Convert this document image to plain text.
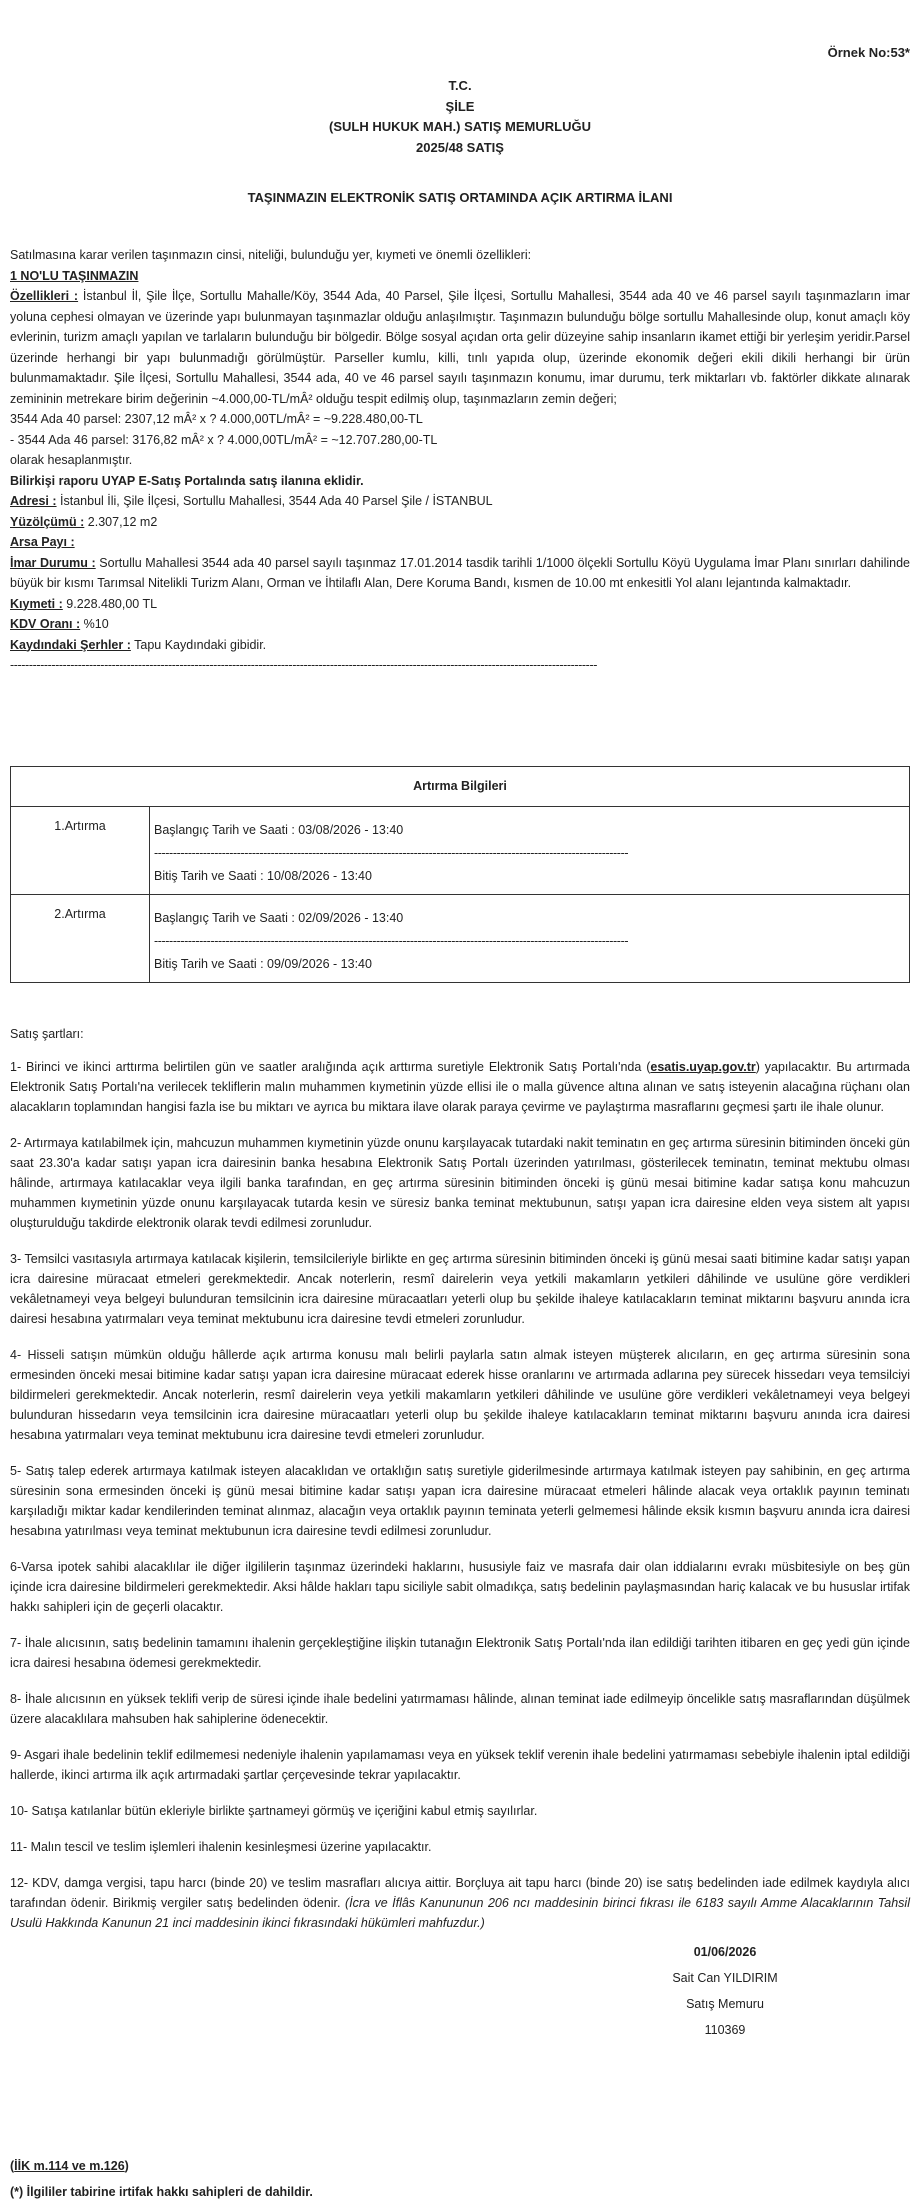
Örnek No:53*
T.C.
ŞİLE
(SULH HUKUK MAH.) SATIŞ MEMURLUĞU
2025/48 SATIŞ
TAŞINMAZIN ELEKTRONİK SATIŞ ORTAMINDA AÇIK ARTIRMA İLANI
Satılmasına karar verilen taşınmazın cinsi, niteliği, bulunduğu yer, kıymeti ve önemli özellikleri:
1 NO'LU TAŞINMAZIN
Özellikleri : İstanbul İl, Şile İlçe, Sortullu Mahalle/Köy, 3544 Ada, 40 Parsel, Şile İlçesi, Sortullu Mahallesi, 3544 ada 40 ve 46 parsel sayılı taşınmazların imar yoluna cephesi olmayan ve üzerinde yapı bulunmayan taşınmazlar olduğu anlaşılmıştır. Taşınmazın bulunduğu bölge sortullu Mahallesinde olup, konut amaçlı köy evlerinin, turizm amaçlı yapılan ve tarlaların bulunduğu bir bölgedir. Bölge sosyal açıdan orta gelir düzeyine sahip insanların ikamet ettiği bir yerleşim yeridir.Parsel üzerinde herhangi bir yapı bulunmadığı görülmüştür. Parseller kumlu, killi, tınlı yapıda olup, üzerinde ekonomik değeri ekili dikili herhangi bir ürün bulunmamaktadır. Şile İlçesi, Sortullu Mahallesi, 3544 ada, 40 ve 46 parsel sayılı taşınmazın konumu, imar durumu, terk miktarları vb. faktörler dikkate alınarak zemininin metrekare birim değerinin ~4.000,00-TL/mÂ² olduğu tespit edilmiş olup, taşınmazların zemin değeri;
3544 Ada 40 parsel: 2307,12 mÂ² x ? 4.000,00TL/mÂ² = ~9.228.480,00-TL
- 3544 Ada 46 parsel: 3176,82 mÂ² x ? 4.000,00TL/mÂ² = ~12.707.280,00-TL
olarak hesaplanmıştır.
Bilirkişi raporu UYAP E-Satış Portalında satış ilanına eklidir.
Adresi : İstanbul İli, Şile İlçesi, Sortullu Mahallesi, 3544 Ada 40 Parsel Şile / İSTANBUL
Yüzölçümü : 2.307,12 m2
Arsa Payı :
İmar Durumu : Sortullu Mahallesi 3544 ada 40 parsel sayılı taşınmaz 17.01.2014 tasdik tarihli 1/1000 ölçekli Sortullu Köyü Uygulama İmar Planı sınırları dahilinde büyük bir kısmı Tarımsal Nitelikli Turizm Alanı, Orman ve İhtilaflı Alan, Dere Koruma Bandı, kısmen de 10.00 mt enkesitli Yol alanı lejantında kalmaktadır.
Kıymeti : 9.228.480,00 TL
KDV Oranı : %10
Kaydındaki Şerhler : Tapu Kaydındaki gibidir.
------------------------------------------------------------------------------------------------------------------------------------------------------------
Artırma Bilgileri	
1.Artırma	Başlangıç Tarih ve Saati : 03/08/2026 - 13:40
------------------------------------------------------------------------------------------------------------------------------
Bitiş Tarih ve Saati : 10/08/2026 - 13:40

2.Artırma	Başlangıç Tarih ve Saati : 02/09/2026 - 13:40
------------------------------------------------------------------------------------------------------------------------------
Bitiş Tarih ve Saati : 09/09/2026 - 13:40
Satış şartları:

1- Birinci ve ikinci arttırma belirtilen gün ve saatler aralığında açık arttırma suretiyle Elektronik Satış Portalı'nda (esatis.uyap.gov.tr) yapılacaktır. Bu artırmada Elektronik Satış Portalı'na verilecek tekliflerin malın muhammen kıymetinin yüzde ellisi ile o malla güvence altına alınan ve satış isteyenin alacağına rüçhanı olan alacakların toplamından hangisi fazla ise bu miktarı ve ayrıca bu miktara ilave olarak paraya çevirme ve paylaştırma masraflarını geçmesi şartı ile ihale olunur.

2- Artırmaya katılabilmek için, mahcuzun muhammen kıymetinin yüzde onunu karşılayacak tutardaki nakit teminatın en geç artırma süresinin bitiminden önceki gün saat 23.30'a kadar satışı yapan icra dairesinin banka hesabına Elektronik Satış Portalı üzerinden yatırılması, gösterilecek teminatın, teminat mektubu olması hâlinde, artırmaya katılacaklar veya ilgili banka tarafından, en geç artırma süresinin bitiminden önceki iş günü mesai bitimine kadar satışa konu mahcuzun muhammen kıymetinin yüzde onunu karşılayacak tutarda kesin ve süresiz banka teminat mektubunun, satışı yapan icra dairesine elden veya sistem alt yapısı oluşturulduğu takdirde elektronik olarak tevdi edilmesi zorunludur.

3- Temsilci vasıtasıyla artırmaya katılacak kişilerin, temsilcileriyle birlikte en geç artırma süresinin bitiminden önceki iş günü mesai saati bitimine kadar satışı yapan icra dairesine müracaat etmeleri gerekmektedir. Ancak noterlerin, resmî dairelerin veya yetkili makamların yetkileri dâhilinde ve usulüne göre verdikleri vekâletnameyi veya belgeyi bulunduran temsilcinin icra dairesine müracaatları yeterli olup bu şekilde ihaleye katılacakların teminat miktarını başvuru anında icra dairesi hesabına yatırmaları veya teminat mektubunu icra dairesine tevdi etmeleri zorunludur.

4- Hisseli satışın mümkün olduğu hâllerde açık artırma konusu malı belirli paylarla satın almak isteyen müşterek alıcıların, en geç artırma süresinin sona ermesinden önceki mesai bitimine kadar satışı yapan icra dairesine müracaat ederek hisse oranlarını ve artırmada adlarına pey sürecek hissedarı veya temsilciyi bildirmeleri gerekmektedir. Ancak noterlerin, resmî dairelerin veya yetkili makamların yetkileri dâhilinde ve usulüne göre verdikleri vekâletnameyi veya belgeyi bulunduran hissedarın veya temsilcinin icra dairesine müracaatları yeterli olup bu şekilde ihaleye katılacakların teminat miktarını başvuru anında icra dairesi hesabına yatırmaları veya teminat mektubunu icra dairesine tevdi etmeleri zorunludur.

5- Satış talep ederek artırmaya katılmak isteyen alacaklıdan ve ortaklığın satış suretiyle giderilmesinde artırmaya katılmak isteyen pay sahibinin, en geç artırma süresinin sona ermesinden önceki iş günü mesai bitimine kadar satışı yapan icra dairesine müracaat etmeleri hâlinde alacak veya ortaklık payının teminatı karşıladığı miktar kadar kendilerinden teminat alınmaz, alacağın veya ortaklık payının teminata yeterli gelmemesi hâlinde eksik kısmın başvuru anında icra dairesi hesabına yatırılması veya teminat mektubunun icra dairesine tevdi edilmesi zorunludur.

6-Varsa ipotek sahibi alacaklılar ile diğer ilgililerin taşınmaz üzerindeki haklarını, hususiyle faiz ve masrafa dair olan iddialarını evrakı müsbitesiyle on beş gün içinde icra dairesine bildirmeleri gerekmektedir. Aksi hâlde hakları tapu siciliyle sabit olmadıkça, satış bedelinin paylaşmasından hariç kalacak ve bu hususlar irtifak hakkı sahipleri için de geçerli olacaktır.

7- İhale alıcısının, satış bedelinin tamamını ihalenin gerçekleştiğine ilişkin tutanağın Elektronik Satış Portalı'nda ilan edildiği tarihten itibaren en geç yedi gün içinde icra dairesi hesabına ödemesi gerekmektedir.

8- İhale alıcısının en yüksek teklifi verip de süresi içinde ihale bedelini yatırmaması hâlinde, alınan teminat iade edilmeyip öncelikle satış masraflarından düşülmek üzere alacaklılara mahsuben hak sahiplerine ödenecektir.

9- Asgari ihale bedelinin teklif edilmemesi nedeniyle ihalenin yapılamaması veya en yüksek teklif verenin ihale bedelini yatırmaması sebebiyle ihalenin iptal edildiği hallerde, ikinci artırma ilk açık artırmadaki şartlar çerçevesinde tekrar yapılacaktır.

10- Satışa katılanlar bütün ekleriyle birlikte şartnameyi görmüş ve içeriğini kabul etmiş sayılırlar.

11- Malın tescil ve teslim işlemleri ihalenin kesinleşmesi üzerine yapılacaktır.

12- KDV, damga vergisi, tapu harcı (binde 20) ve teslim masrafları alıcıya aittir. Borçluya ait tapu harcı (binde 20) ise satış bedelinden iade edilmek kaydıyla alıcı tarafından ödenir. Birikmiş vergiler satış bedelinden ödenir. (İcra ve İflâs Kanununun 206 ncı maddesinin birinci fıkrası ile 6183 sayılı Amme Alacaklarının Tahsil Usulü Hakkında Kanunun 21 inci maddesinin ikinci fıkrasındaki hükümleri mahfuzdur.)

01/06/2026
Sait Can YILDIRIM
Satış Memuru
110369
(İİK m.114 ve m.126)
(*) İlgililer tabirine irtifak hakkı sahipleri de dahildir.
